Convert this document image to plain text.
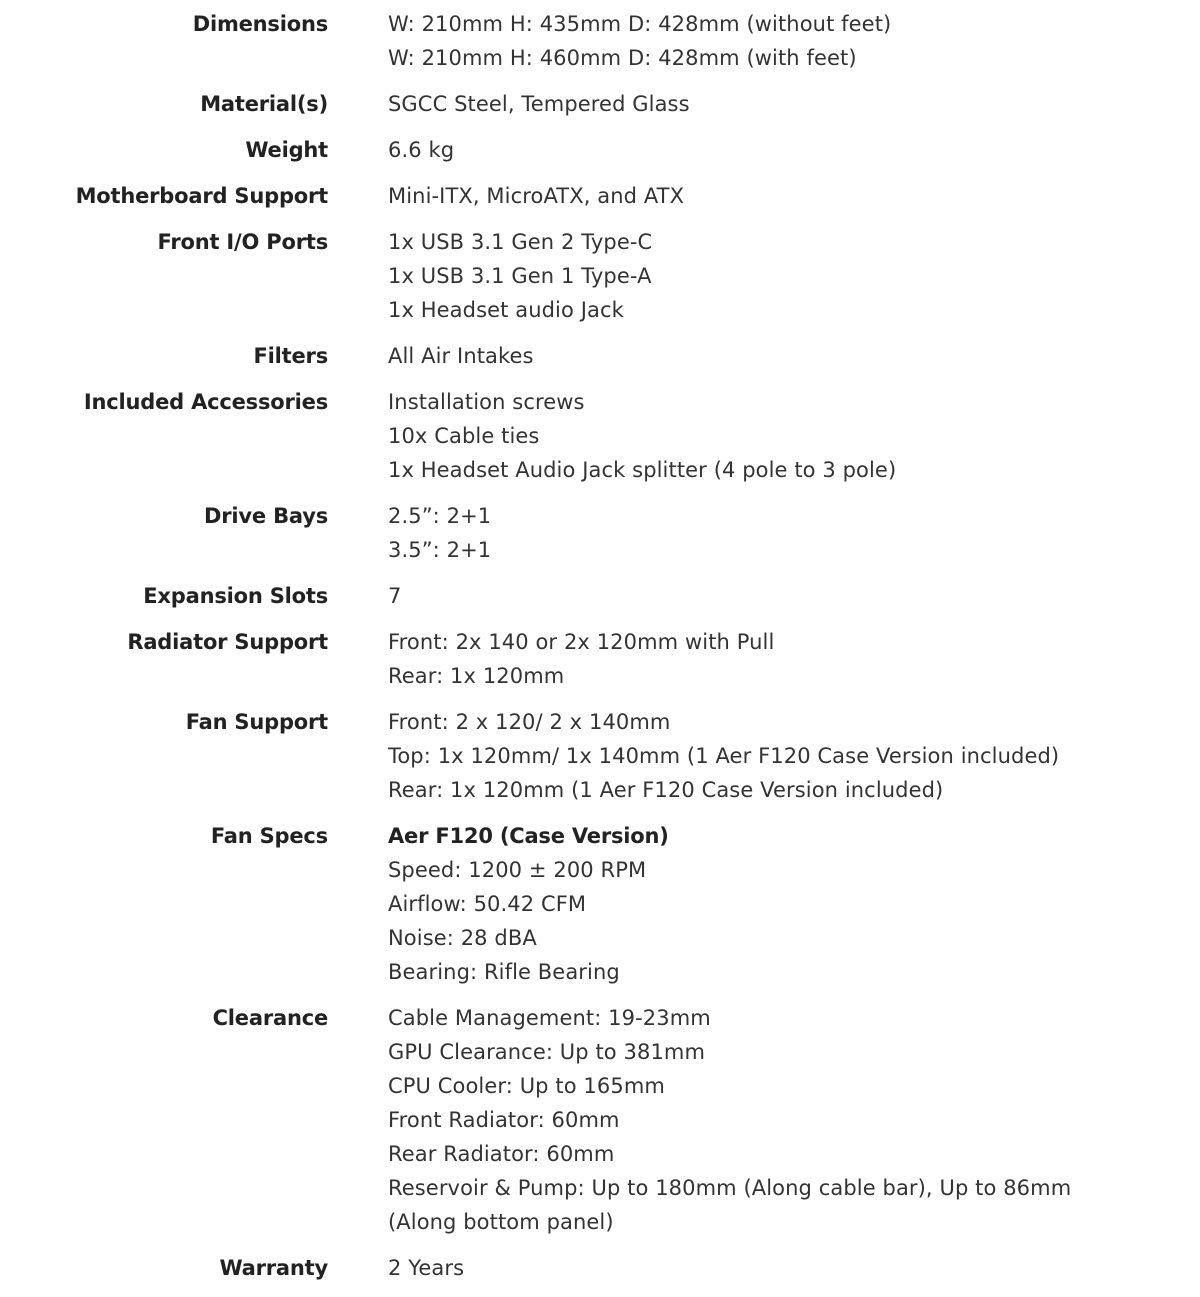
Dimensions	W: 210mm H: 435mm D: 428mm (without feet)
W: 210mm H: 460mm D: 428mm (with feet)
Material(s)	SGCC Steel, Tempered Glass
Weight	6.6 kg
Motherboard Support	Mini-ITX, MicroATX, and ATX
Front I/O Ports	1x USB 3.1 Gen 2 Type-C
1x USB 3.1 Gen 1 Type-A
1x Headset audio Jack
Filters	All Air Intakes
Included Accessories	Installation screws
10x Cable ties
1x Headset Audio Jack splitter (4 pole to 3 pole)
Drive Bays	2.5”: 2+1
3.5”: 2+1
Expansion Slots	7
Radiator Support	Front: 2x 140 or 2x 120mm with Pull
Rear: 1x 120mm
Fan Support	Front: 2 x 120/ 2 x 140mm
Top: 1x 120mm/ 1x 140mm (1 Aer F120 Case Version included)
Rear: 1x 120mm (1 Aer F120 Case Version included)
Fan Specs	Aer F120 (Case Version)
Speed: 1200 ± 200 RPM
Airflow: 50.42 CFM
Noise: 28 dBA
Bearing: Rifle Bearing
Clearance	Cable Management: 19-23mm
GPU Clearance: Up to 381mm
CPU Cooler: Up to 165mm
Front Radiator: 60mm
Rear Radiator: 60mm
Reservoir & Pump: Up to 180mm (Along cable bar), Up to 86mm (Along bottom panel)
Warranty	2 Years
